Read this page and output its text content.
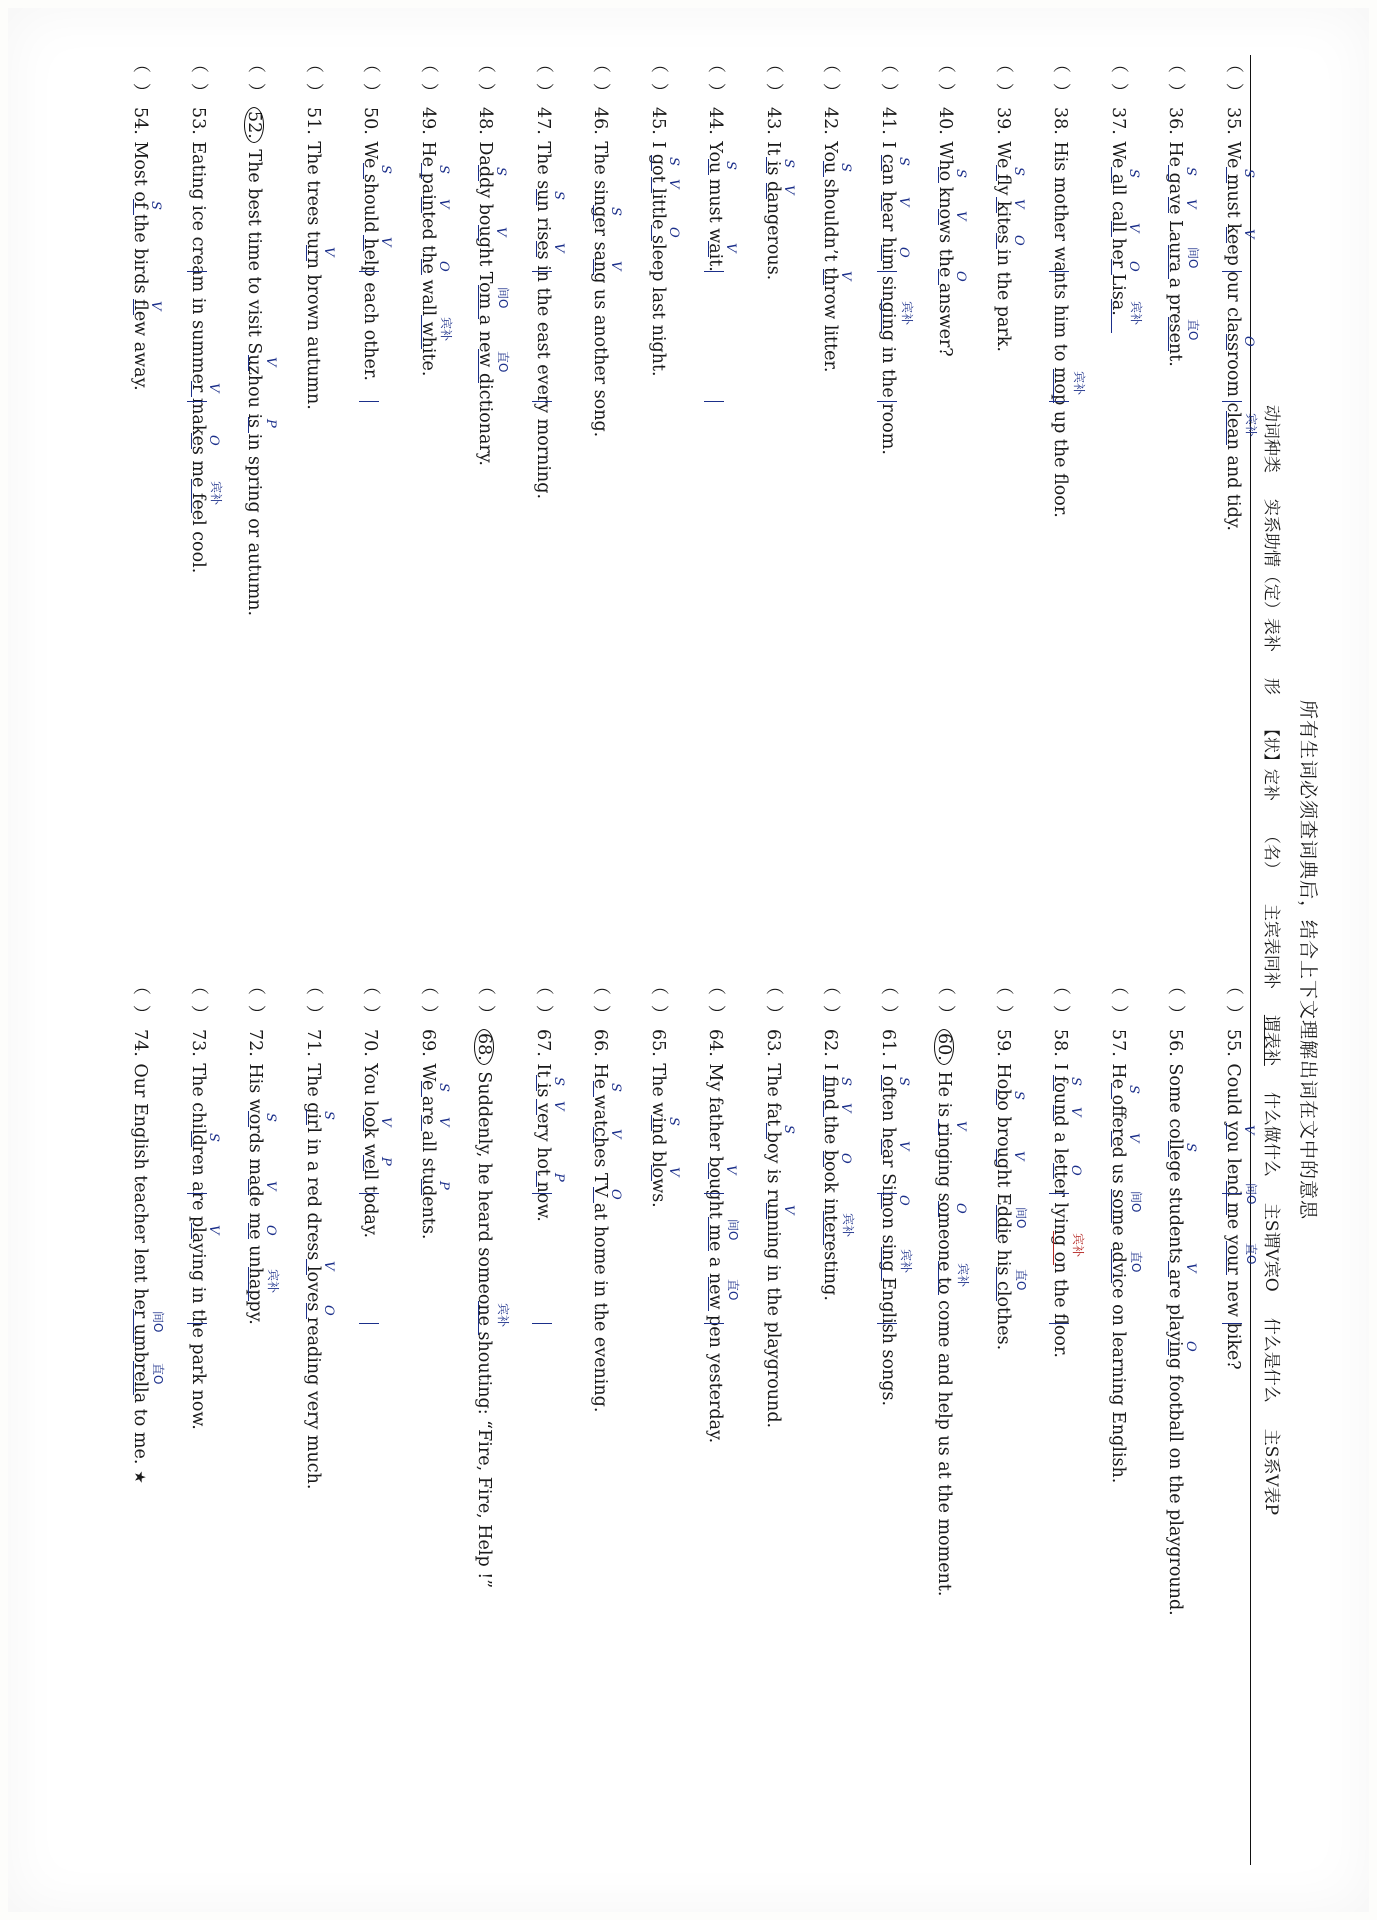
所有生词必须查词典后，结合上下文理解出词在文中的意思
动词种类
实系助情（定）表补
形
【状】定补
（名）
主宾表同补
谓表补
什么做什么
主S谓V宾O
什么是什么
主S系V表P
（ ）
35. We must keep our classroom clean and tidy.
S
V
O
宾补
（ ）
36. He gave Laura a present.
S
V
间O
直O
（ ）
37. We all call her Lisa.
S
V
O
宾补
（ ）
38. His mother wants him to mop up the floor. 宾补
（ ）
39. We fly kites in the park.
S
V
O
（ ）
40. Who knows the answer?
S
V
O
（ ）
41. I can hear him singing in the room.
S
V
O
宾补
（ ）
42. You shouldn’t throw litter.
S
V
（ ）
43. It is dangerous.
S
V
（ ）
44. You must wait.
S
V
（ ）
45. I got little sleep last night.
S
V
O
（ ）
46. The singer sang us another song.
S
V
（ ）
47. The sun rises in the east every morning.
S
V
（ ）
48. Daddy bought Tom a new dictionary.
S
V
间O
直O
（ ）
49. He painted the wall white.
S
V
O
宾补
（ ）
50. We should help each other.
S
V
（ ）
51. The trees turn brown autumn.
V
（ ）
52. The best time to visit Suzhou is in spring or autumn. V
P
（ ）
53. Eating ice cream in summer makes me feel cool.
V
O
宾补
（ ）
54. Most of the birds flew away.
S
V
（ ）
55. Could you lend me your new bike?
V
间O
直O
（ ）
56. Some college students are playing football on the playground.
S
V
O
（ ）
57. He offered us some advice on learning English.
S
V
间O
直O
（ ）
58. I found a letter lying on the floor.
S
V
O
宾补
（ ）
59. Hobo brought Eddie his clothes.
S
V
间O
直O
（ ）
60. He is ringing someone to come and help us at the moment. V
O
宾补
（ ）
61. I often hear Simon sing English songs.
S
V
O
宾补
（ ）
62. I find the book interesting.
S
V
O
宾补
（ ）
63. The fat boy is running in the playground.
S
V
（ ）
64. My father bought me a new pen yesterday.
V
间O
直O
（ ）
65. The wind blows.
S
V
（ ）
66. He watches TV at home in the evening.
S
V
O
（ ）
67. It is very hot now.
S
V
P
（ ）
68. Suddenly, he heard someone shouting: “Fire, Fire, Help !” 宾补
（ ）
69. We are all students.
S
V
P
（ ）
70. You look well today.
V
P
（ ）
71. The girl in a red dress loves reading very much.
S
V
O
（ ）
72. His words made me unhappy.
S
V
O
宾补
（ ）
73. The children are playing in the park now.
S
V
（ ）
74. Our English teacher lent her umbrella to me.★
间O
直O
